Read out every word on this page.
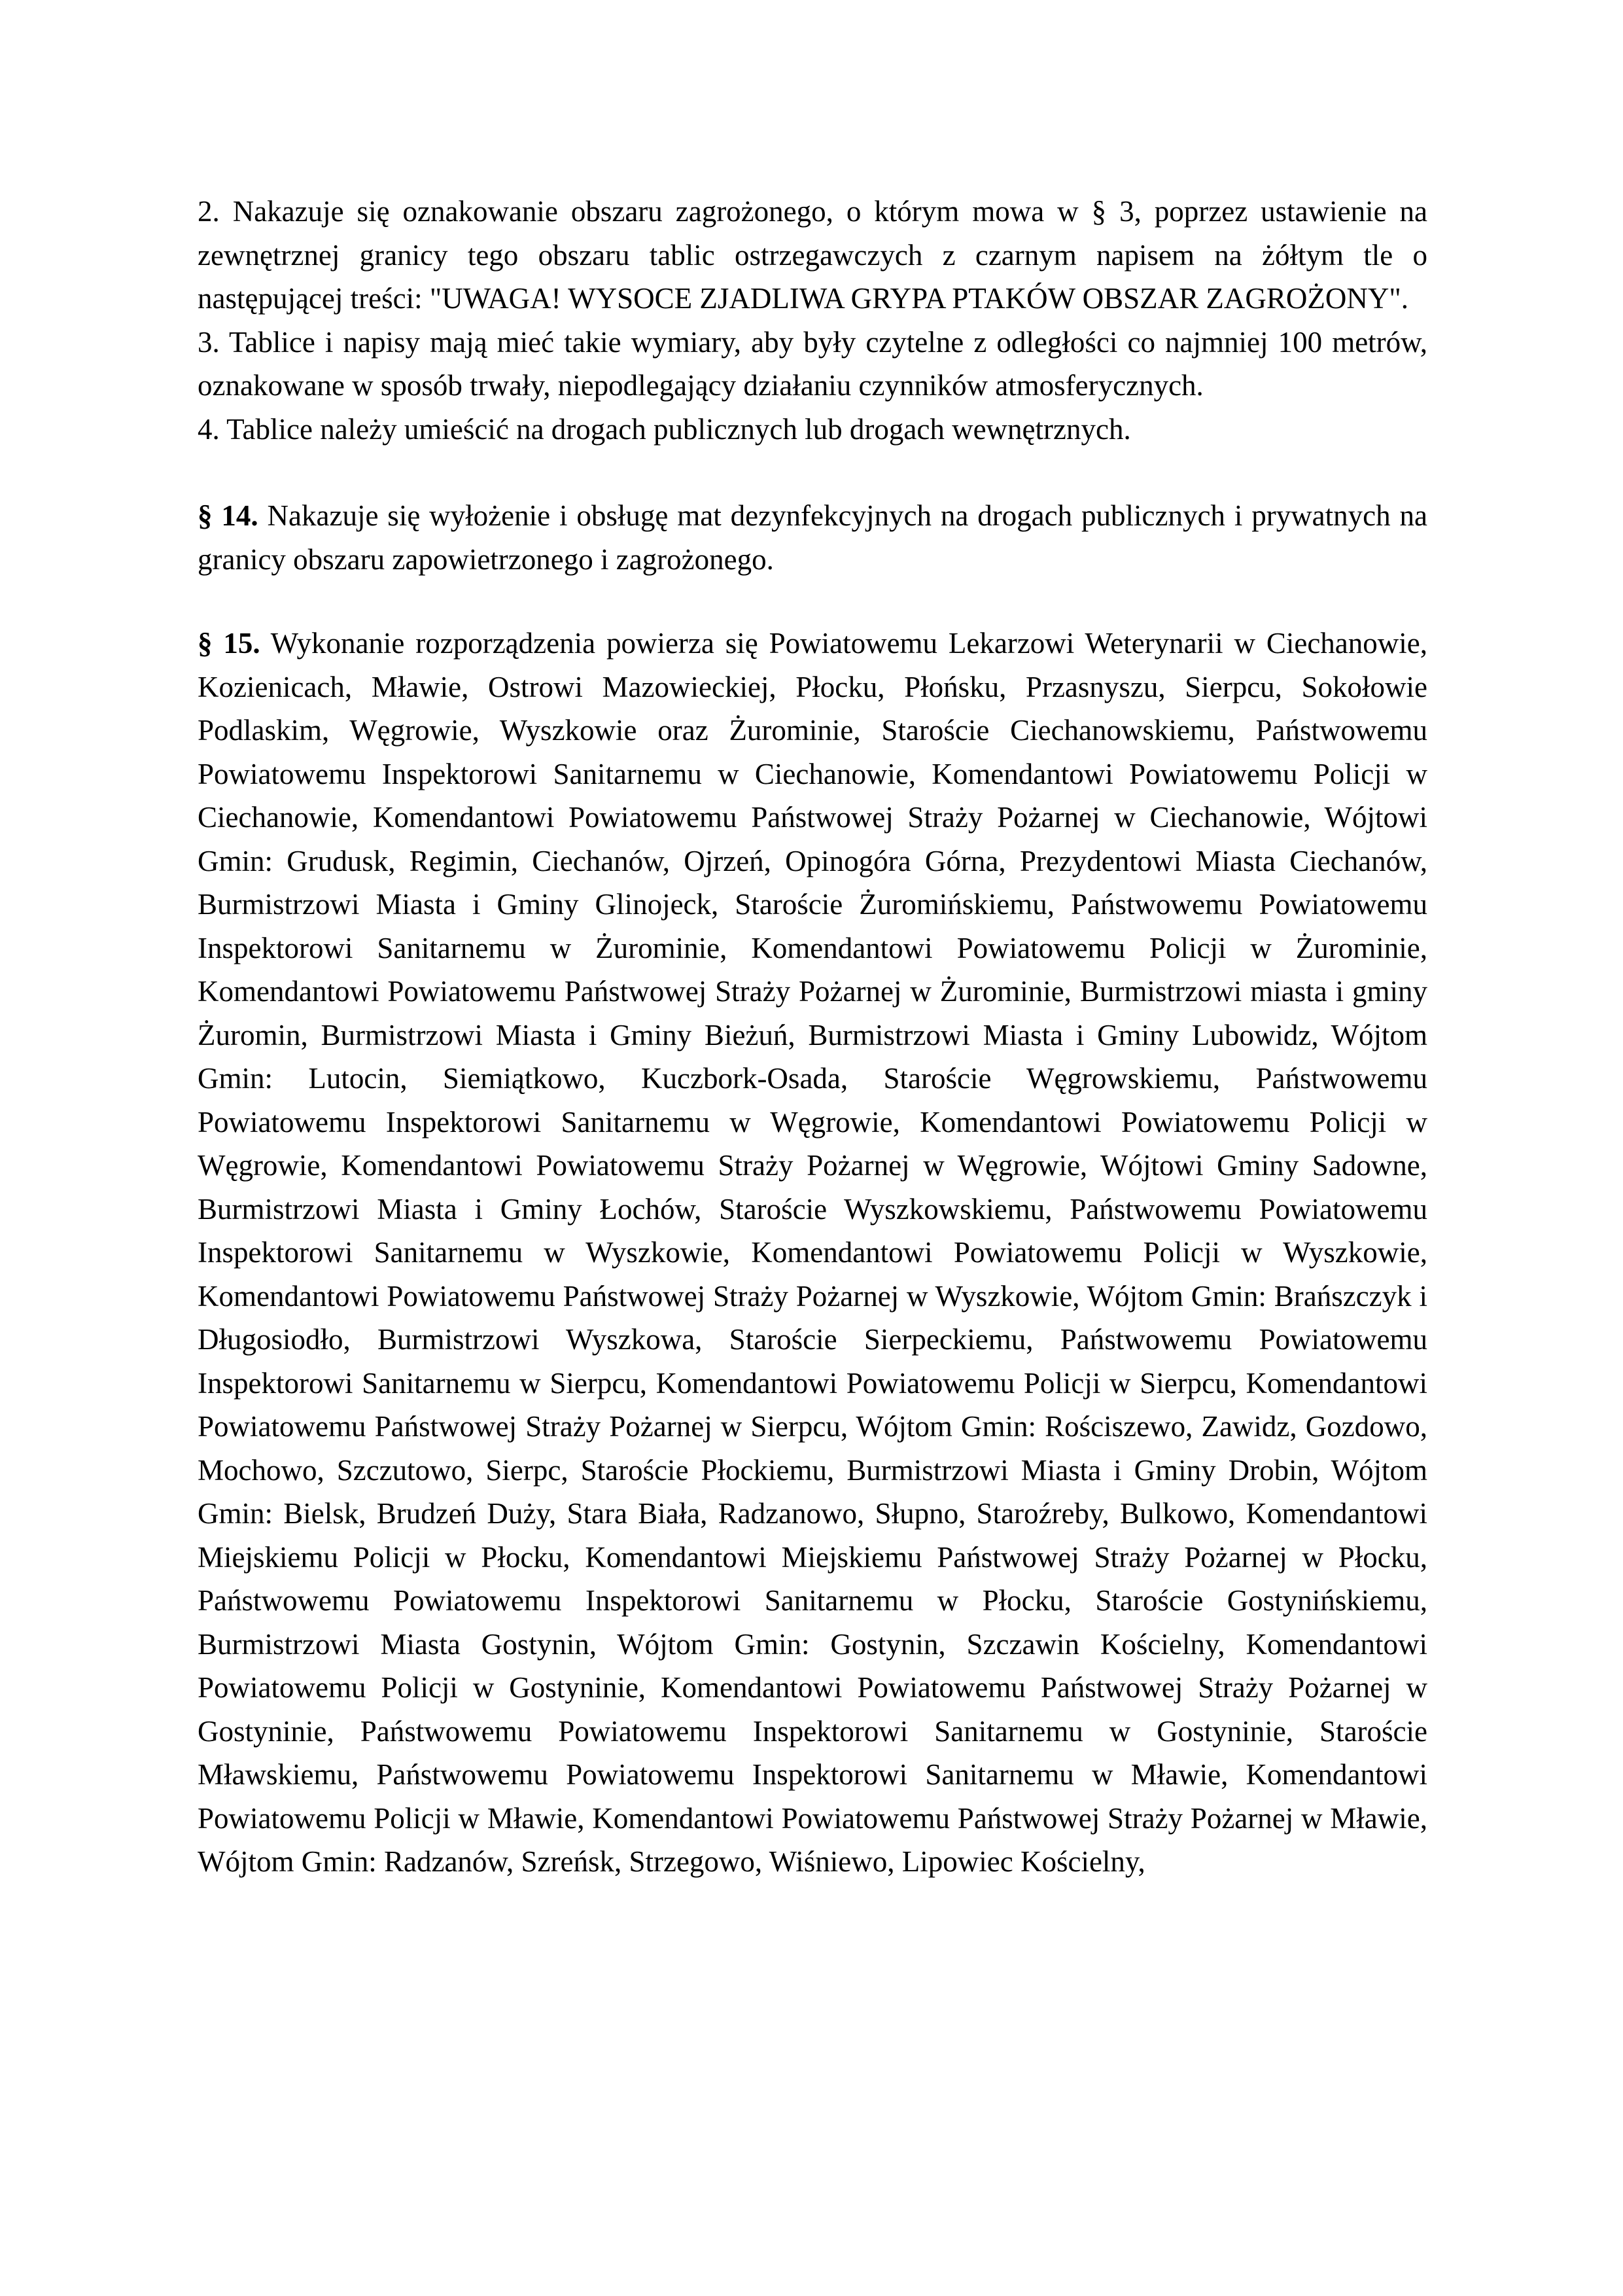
2. Nakazuje się oznakowanie obszaru zagrożonego, o którym mowa w § 3, poprzez ustawienie na zewnętrznej granicy tego obszaru tablic ostrzegawczych z czarnym napisem na żółtym tle o następującej treści: "UWAGA! WYSOCE ZJADLIWA GRYPA PTAKÓW OBSZAR ZAGROŻONY".

3. Tablice i napisy mają mieć takie wymiary, aby były czytelne z odległości co najmniej 100 metrów, oznakowane w sposób trwały, niepodlegający działaniu czynników atmosferycznych.

4. Tablice należy umieścić na drogach publicznych lub drogach wewnętrznych.

§ 14. Nakazuje się wyłożenie i obsługę mat dezynfekcyjnych na drogach publicznych i prywatnych na granicy obszaru zapowietrzonego i zagrożonego.

§ 15. Wykonanie rozporządzenia powierza się Powiatowemu Lekarzowi Weterynarii w Ciechanowie, Kozienicach, Mławie, Ostrowi Mazowieckiej, Płocku, Płońsku, Przasnyszu, Sierpcu, Sokołowie Podlaskim, Węgrowie, Wyszkowie oraz Żurominie, Staroście Ciechanowskiemu, Państwowemu Powiatowemu Inspektorowi Sanitarnemu w Ciechanowie, Komendantowi Powiatowemu Policji w Ciechanowie, Komendantowi Powiatowemu Państwowej Straży Pożarnej w Ciechanowie, Wójtowi Gmin: Grudusk, Regimin, Ciechanów, Ojrzeń, Opinogóra Górna, Prezydentowi Miasta Ciechanów, Burmistrzowi Miasta i Gminy Glinojeck, Staroście Żuromińskiemu, Państwowemu Powiatowemu Inspektorowi Sanitarnemu w Żurominie, Komendantowi Powiatowemu Policji w Żurominie, Komendantowi Powiatowemu Państwowej Straży Pożarnej w Żurominie, Burmistrzowi miasta i gminy Żuromin, Burmistrzowi Miasta i Gminy Bieżuń, Burmistrzowi Miasta i Gminy Lubowidz, Wójtom Gmin: Lutocin, Siemiątkowo, Kuczbork-Osada, Staroście Węgrowskiemu, Państwowemu Powiatowemu Inspektorowi Sanitarnemu w Węgrowie, Komendantowi Powiatowemu Policji w Węgrowie, Komendantowi Powiatowemu Straży Pożarnej w Węgrowie, Wójtowi Gminy Sadowne, Burmistrzowi Miasta i Gminy Łochów, Staroście Wyszkowskiemu, Państwowemu Powiatowemu Inspektorowi Sanitarnemu w Wyszkowie, Komendantowi Powiatowemu Policji w Wyszkowie, Komendantowi Powiatowemu Państwowej Straży Pożarnej w Wyszkowie, Wójtom Gmin: Brańszczyk i Długosiodło, Burmistrzowi Wyszkowa, Staroście Sierpeckiemu, Państwowemu Powiatowemu Inspektorowi Sanitarnemu w Sierpcu, Komendantowi Powiatowemu Policji w Sierpcu, Komendantowi Powiatowemu Państwowej Straży Pożarnej w Sierpcu, Wójtom Gmin: Rościszewo, Zawidz, Gozdowo, Mochowo, Szczutowo, Sierpc, Staroście Płockiemu, Burmistrzowi Miasta i Gminy Drobin, Wójtom Gmin: Bielsk, Brudzeń Duży, Stara Biała, Radzanowo, Słupno, Staroźreby, Bulkowo, Komendantowi Miejskiemu Policji w Płocku, Komendantowi Miejskiemu Państwowej Straży Pożarnej w Płocku, Państwowemu Powiatowemu Inspektorowi Sanitarnemu w Płocku, Staroście Gostynińskiemu, Burmistrzowi Miasta Gostynin, Wójtom Gmin: Gostynin, Szczawin Kościelny, Komendantowi Powiatowemu Policji w Gostyninie, Komendantowi Powiatowemu Państwowej Straży Pożarnej w Gostyninie, Państwowemu Powiatowemu Inspektorowi Sanitarnemu w Gostyninie, Staroście Mławskiemu, Państwowemu Powiatowemu Inspektorowi Sanitarnemu w Mławie, Komendantowi Powiatowemu Policji w Mławie, Komendantowi Powiatowemu Państwowej Straży Pożarnej w Mławie, Wójtom Gmin: Radzanów, Szreńsk, Strzegowo, Wiśniewo, Lipowiec Kościelny,
